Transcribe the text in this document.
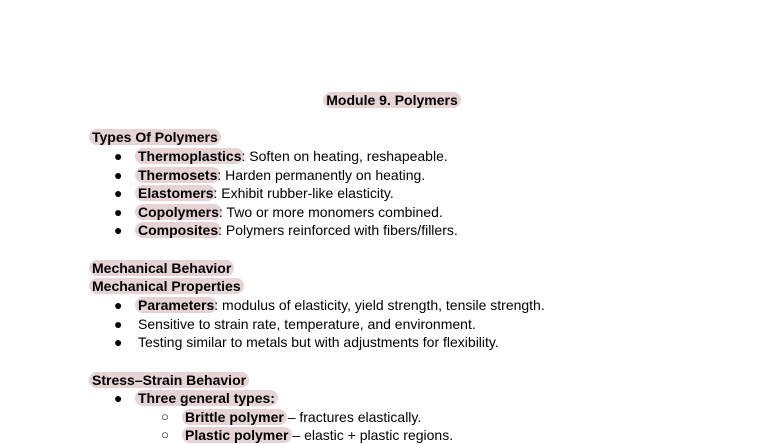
Module 9. Polymers
Types Of Polymers
● Thermoplastics: Soften on heating, reshapeable.
● Thermosets: Harden permanently on heating.
● Elastomers: Exhibit rubber-like elasticity.
● Copolymers: Two or more monomers combined.
● Composites: Polymers reinforced with fibers/fillers.
Mechanical Behavior
Mechanical Properties
● Parameters: modulus of elasticity, yield strength, tensile strength.
● Sensitive to strain rate, temperature, and environment.
● Testing similar to metals but with adjustments for flexibility.
Stress–Strain Behavior
● Three general types:
○ Brittle polymer – fractures elastically.
○ Plastic polymer – elastic + plastic regions.
